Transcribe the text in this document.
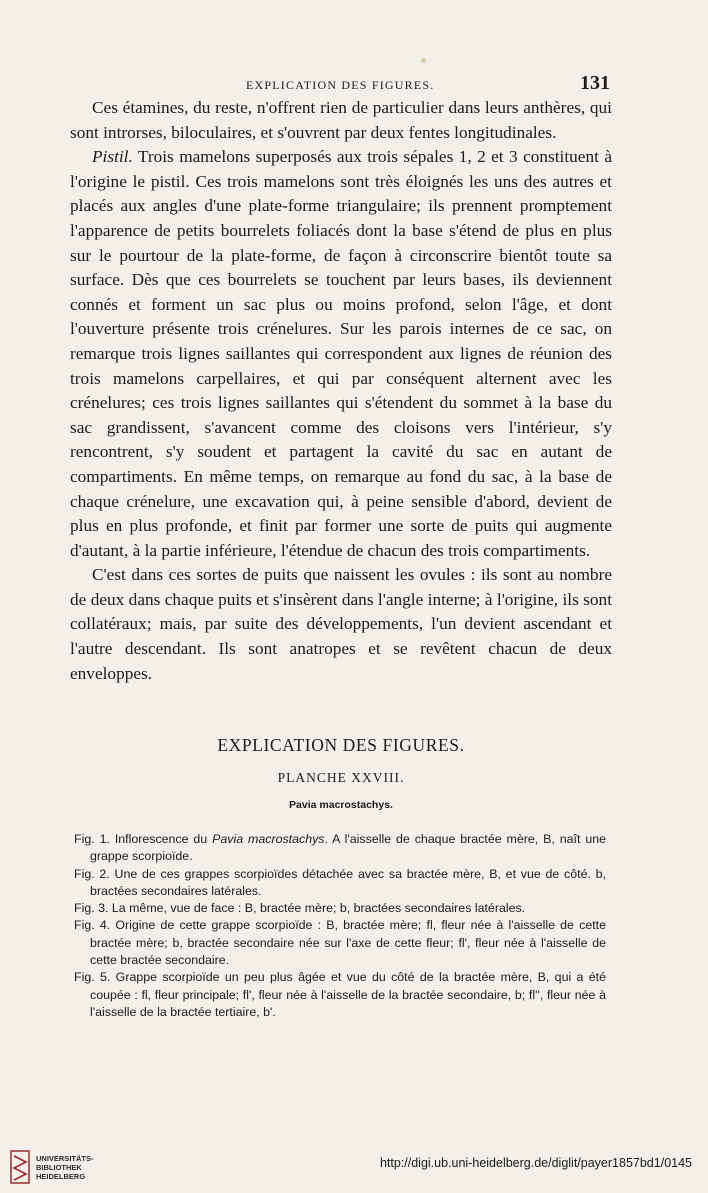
EXPLICATION DES FIGURES.	131

Ces étamines, du reste, n'offrent rien de particulier dans leurs anthères, qui sont introrses, biloculaires, et s'ouvrent par deux fentes longitudinales.

Pistil. Trois mamelons superposés aux trois sépales 1, 2 et 3 constituent à l'origine le pistil. Ces trois mamelons sont très éloignés les uns des autres et placés aux angles d'une plate-forme triangulaire; ils prennent promptement l'apparence de petits bourrelets foliacés dont la base s'étend de plus en plus sur le pourtour de la plate-forme, de façon à circonscrire bientôt toute sa surface. Dès que ces bourrelets se touchent par leurs bases, ils deviennent connés et forment un sac plus ou moins profond, selon l'âge, et dont l'ouverture présente trois crénelures. Sur les parois internes de ce sac, on remarque trois lignes saillantes qui correspondent aux lignes de réunion des trois mamelons carpellaires, et qui par conséquent alternent avec les crénelures; ces trois lignes saillantes qui s'étendent du sommet à la base du sac grandissent, s'avancent comme des cloisons vers l'intérieur, s'y rencontrent, s'y soudent et partagent la cavité du sac en autant de compartiments. En même temps, on remarque au fond du sac, à la base de chaque crénelure, une excavation qui, à peine sensible d'abord, devient de plus en plus profonde, et finit par former une sorte de puits qui augmente d'autant, à la partie inférieure, l'étendue de chacun des trois compartiments.

C'est dans ces sortes de puits que naissent les ovules : ils sont au nombre de deux dans chaque puits et s'insèrent dans l'angle interne; à l'origine, ils sont collatéraux; mais, par suite des développements, l'un devient ascendant et l'autre descendant. Ils sont anatropes et se revêtent chacun de deux enveloppes.

EXPLICATION DES FIGURES.
PLANCHE XXVIII.
Pavia macrostachys.

Fig. 1. Inflorescence du Pavia macrostachys. A l'aisselle de chaque bractée mère, B, naît une grappe scorpioïde.

Fig. 2. Une de ces grappes scorpioïdes détachée avec sa bractée mère, B, et vue de côté. b, bractées secondaires latérales.

Fig. 3. La même, vue de face : B, bractée mère; b, bractées secondaires latérales.

Fig. 4. Origine de cette grappe scorpioïde : B, bractée mère; fl, fleur née à l'aisselle de cette bractée mère; b, bractée secondaire née sur l'axe de cette fleur; fl', fleur née à l'aisselle de cette bractée secondaire.

Fig. 5. Grappe scorpioïde un peu plus âgée et vue du côté de la bractée mère, B, qui a été coupée : fl, fleur principale; fl', fleur née à l'aisselle de la bractée secondaire, b; fl'', fleur née à l'aisselle de la bractée tertiaire, b'.

UNIVERSITÄTS-
BIBLIOTHEK
HEIDELBERG
http://digi.ub.uni-heidelberg.de/diglit/payer1857bd1/0145
